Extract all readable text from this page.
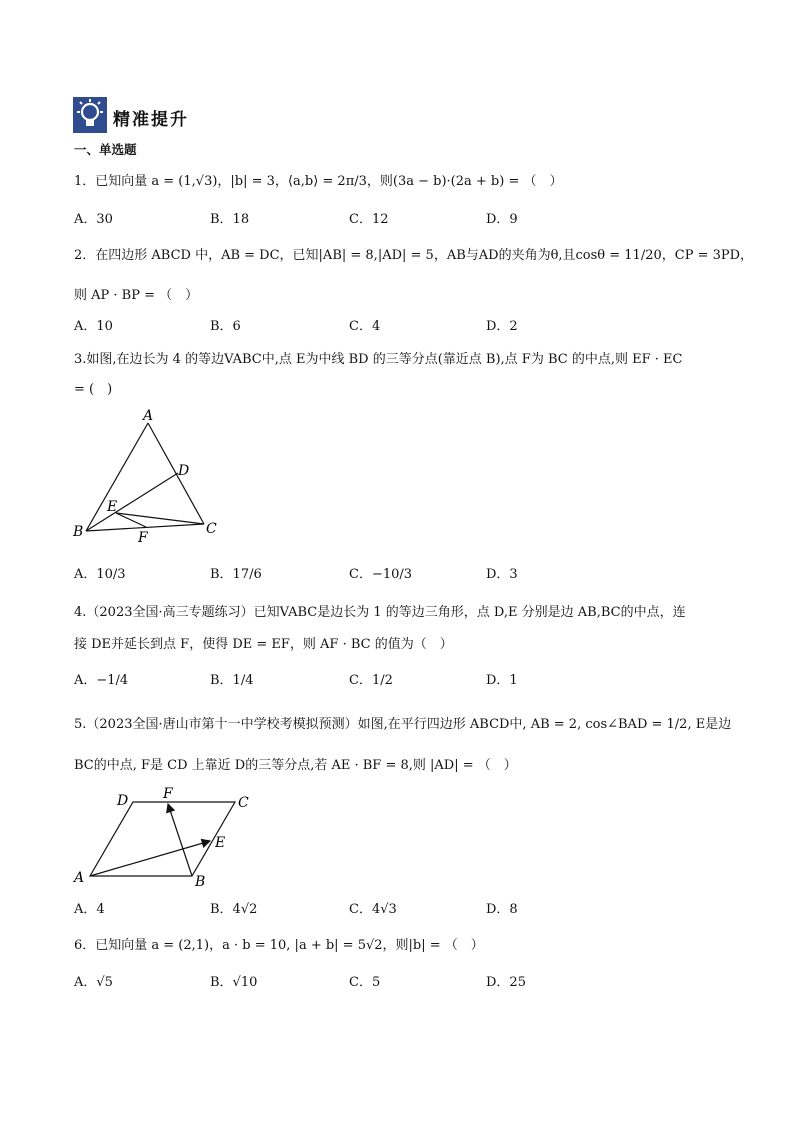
精准提升
一、单选题
1．已知向量 a = (1,√3)，|b| = 3，⟨a,b⟩ = 2π/3，则(3a − b)·(2a + b) = （　）
A．30	B．18	C．12	D．9
2．在四边形 ABCD 中，AB = DC，已知|AB| = 8,|AD| = 5，AB与AD的夹角为θ,且cosθ = 11/20，CP = 3PD，
则 AP · BP = （　）
A．10	B．6	C．4	D．2
3.如图,在边长为 4 的等边VABC中,点 E为中线 BD 的三等分点(靠近点 B),点 F为 BC 的中点,则 EF · EC
= (　)
A
B	C
D
E
F
A．10/3	B．17/6	C．−10/3	D．3
4.（2023全国·高三专题练习）已知VABC是边长为 1 的等边三角形，点 D,E 分别是边 AB,BC的中点，连
接 DE并延长到点 F，使得 DE = EF，则 AF · BC 的值为（　）
A．−1/4	B．1/4	C．1/2	D．1
5.（2023全国·唐山市第十一中学校考模拟预测）如图,在平行四边形 ABCD中, AB = 2, cos∠BAD = 1/2, E是边
BC的中点, F是 CD 上靠近 D的三等分点,若 AE · BF = 8,则 |AD| = （　）
A	B
C
D
E
F
A．4	B．4√2	C．4√3	D．8
6．已知向量 a = (2,1)，a · b = 10, |a + b| = 5√2，则|b| = （　）
A．√5	B．√10	C．5	D．25
